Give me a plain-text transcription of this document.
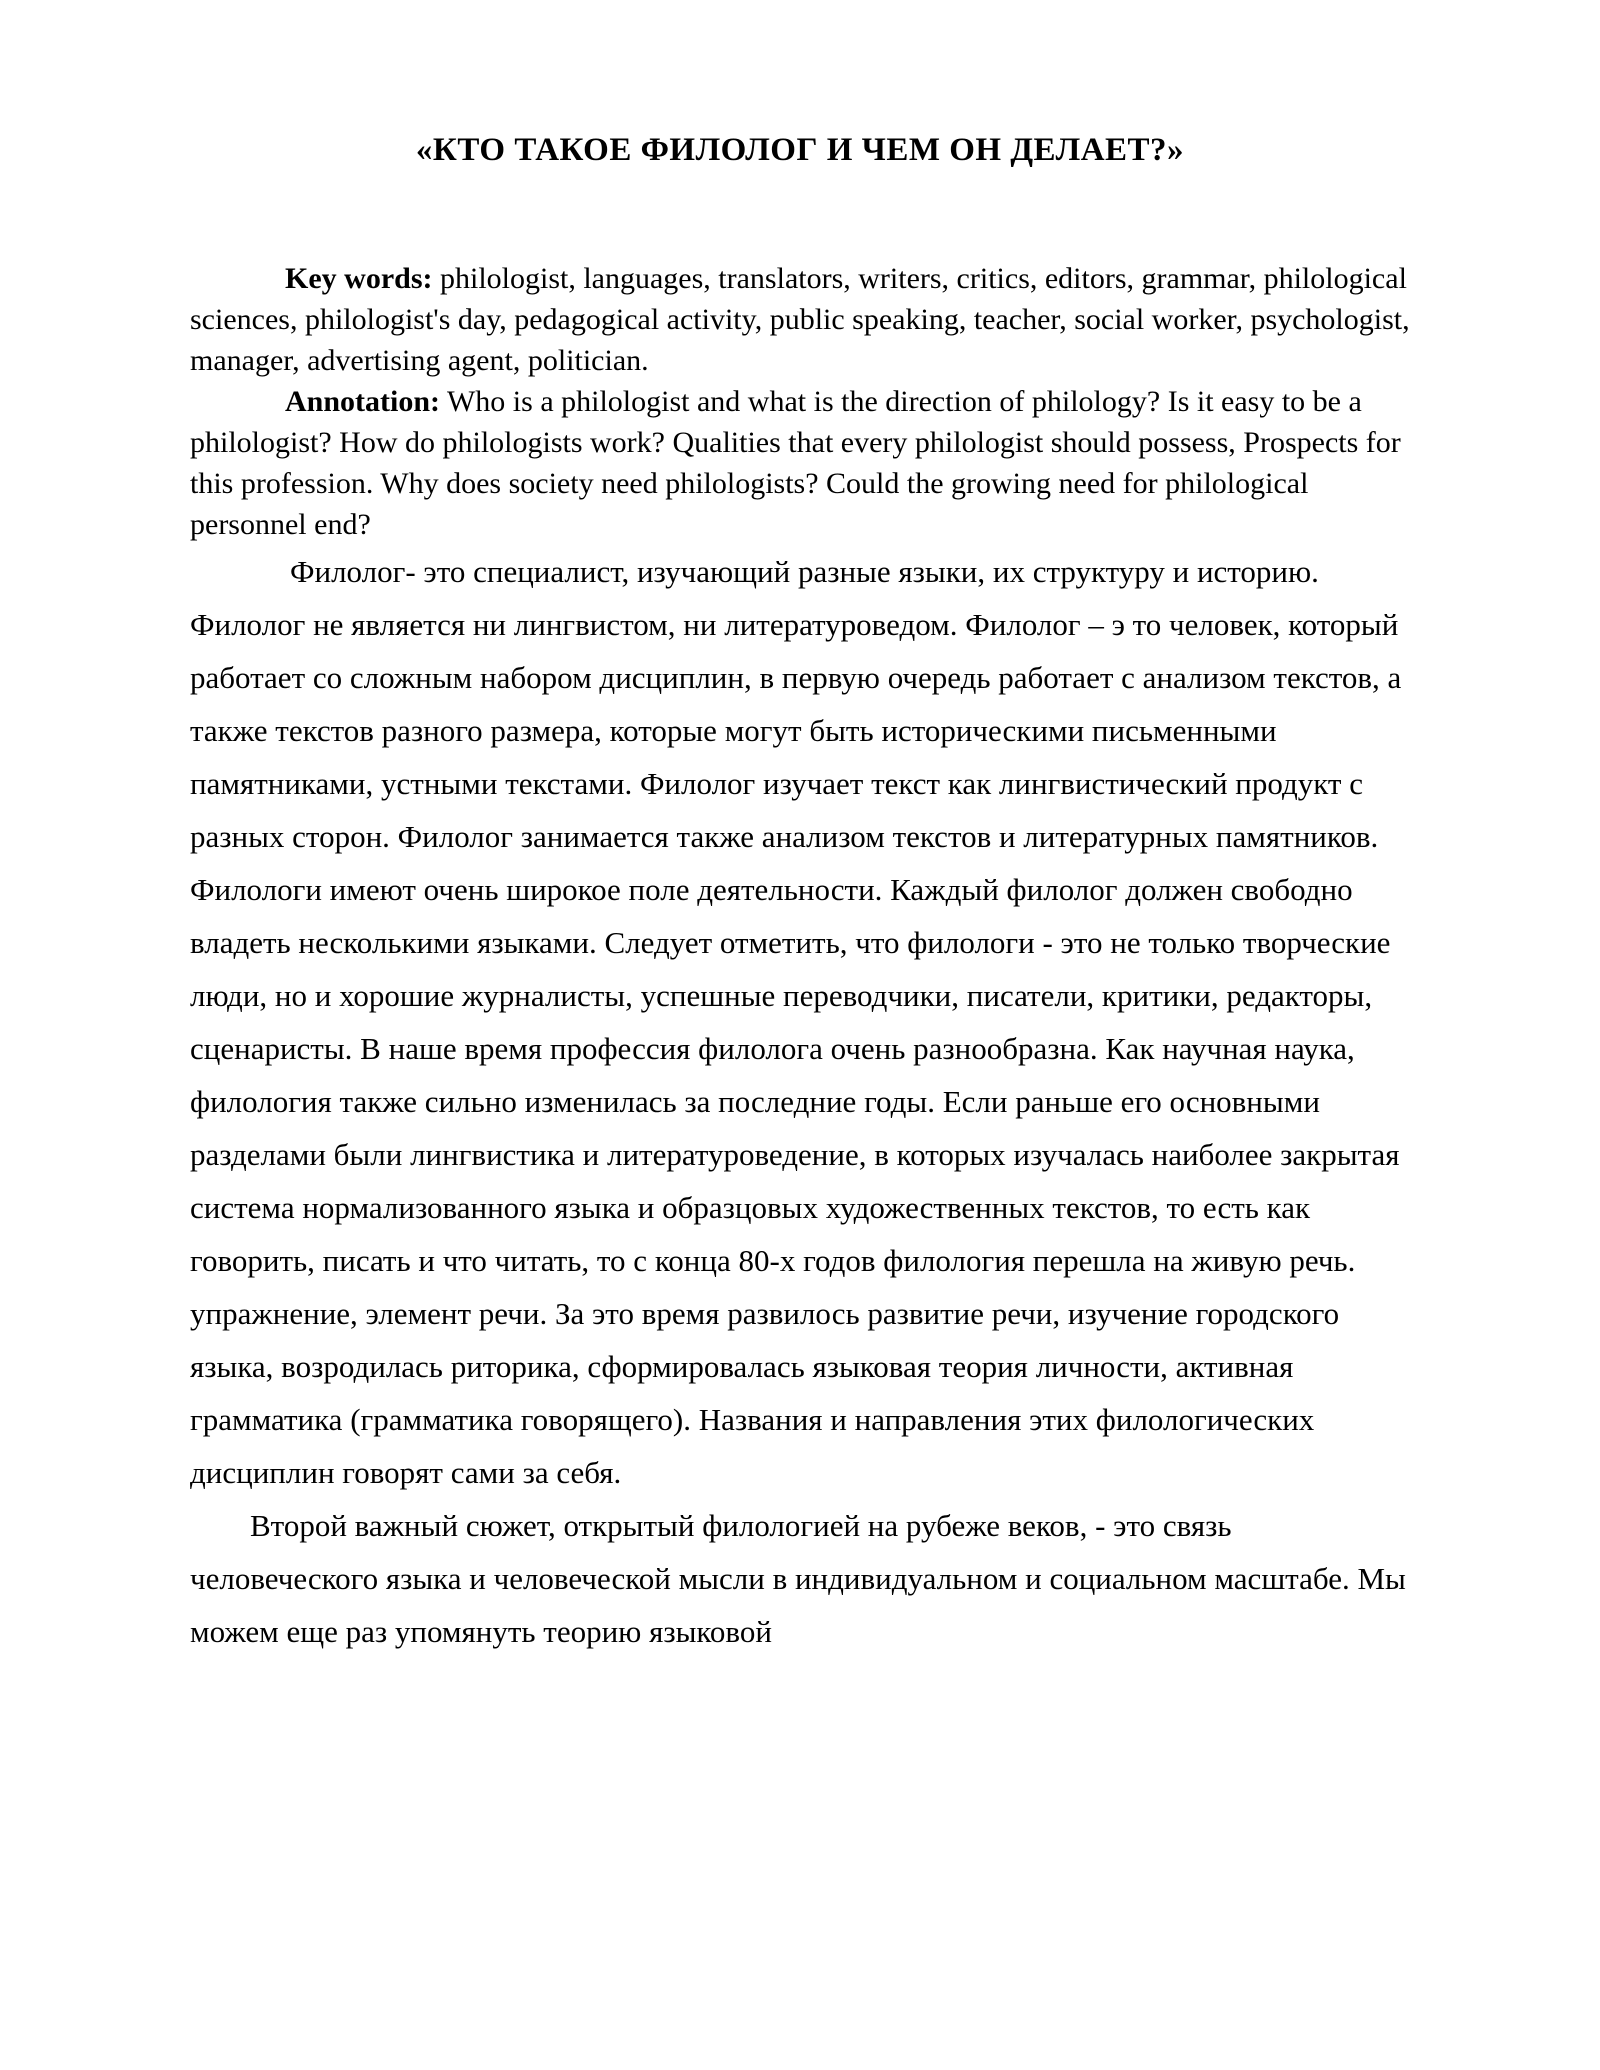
«КТО ТАКОЕ ФИЛОЛОГ И ЧЕМ ОН ДЕЛАЕТ?»

Key words: philologist, languages, translators, writers, critics, editors, grammar, philological sciences, philologist's day, pedagogical activity, public speaking, teacher, social worker, psychologist, manager, advertising agent, politician.

Annotation: Who is a philologist and what is the direction of philology? Is it easy to be a philologist? How do philologists work? Qualities that every philologist should possess, Prospects for this profession. Why does society need philologists? Could the growing need for philological personnel end?

Филолог- это специалист, изучающий разные языки, их структуру и историю. Филолог не является ни лингвистом, ни литературоведом. Филолог – э то человек, который работает со сложным набором дисциплин, в первую очередь работает с анализом текстов, а также текстов разного размера, которые могут быть историческими письменными памятниками, устными текстами. Филолог изучает текст как лингвистический продукт с разных сторон. Филолог занимается также анализом текстов и литературных памятников. Филологи имеют очень широкое поле деятельности. Каждый филолог должен свободно владеть несколькими языками. Следует отметить, что филологи - это не только творческие люди, но и хорошие журналисты, успешные переводчики, писатели, критики, редакторы, сценаристы. В наше время профессия филолога очень разнообразна. Как научная наука, филология также сильно изменилась за последние годы. Если раньше его основными разделами были лингвистика и литературоведение, в которых изучалась наиболее закрытая система нормализованного языка и образцовых художественных текстов, то есть как говорить, писать и что читать, то с конца 80-х годов филология перешла на живую речь. упражнение, элемент речи. За это время развилось развитие речи, изучение городского языка, возродилась риторика, сформировалась языковая теория личности, активная грамматика (грамматика говорящего). Названия и направления этих филологических дисциплин говорят сами за себя.

Второй важный сюжет, открытый филологией на рубеже веков, - это связь человеческого языка и человеческой мысли в индивидуальном и социальном масштабе. Мы можем еще раз упомянуть теорию языковой
